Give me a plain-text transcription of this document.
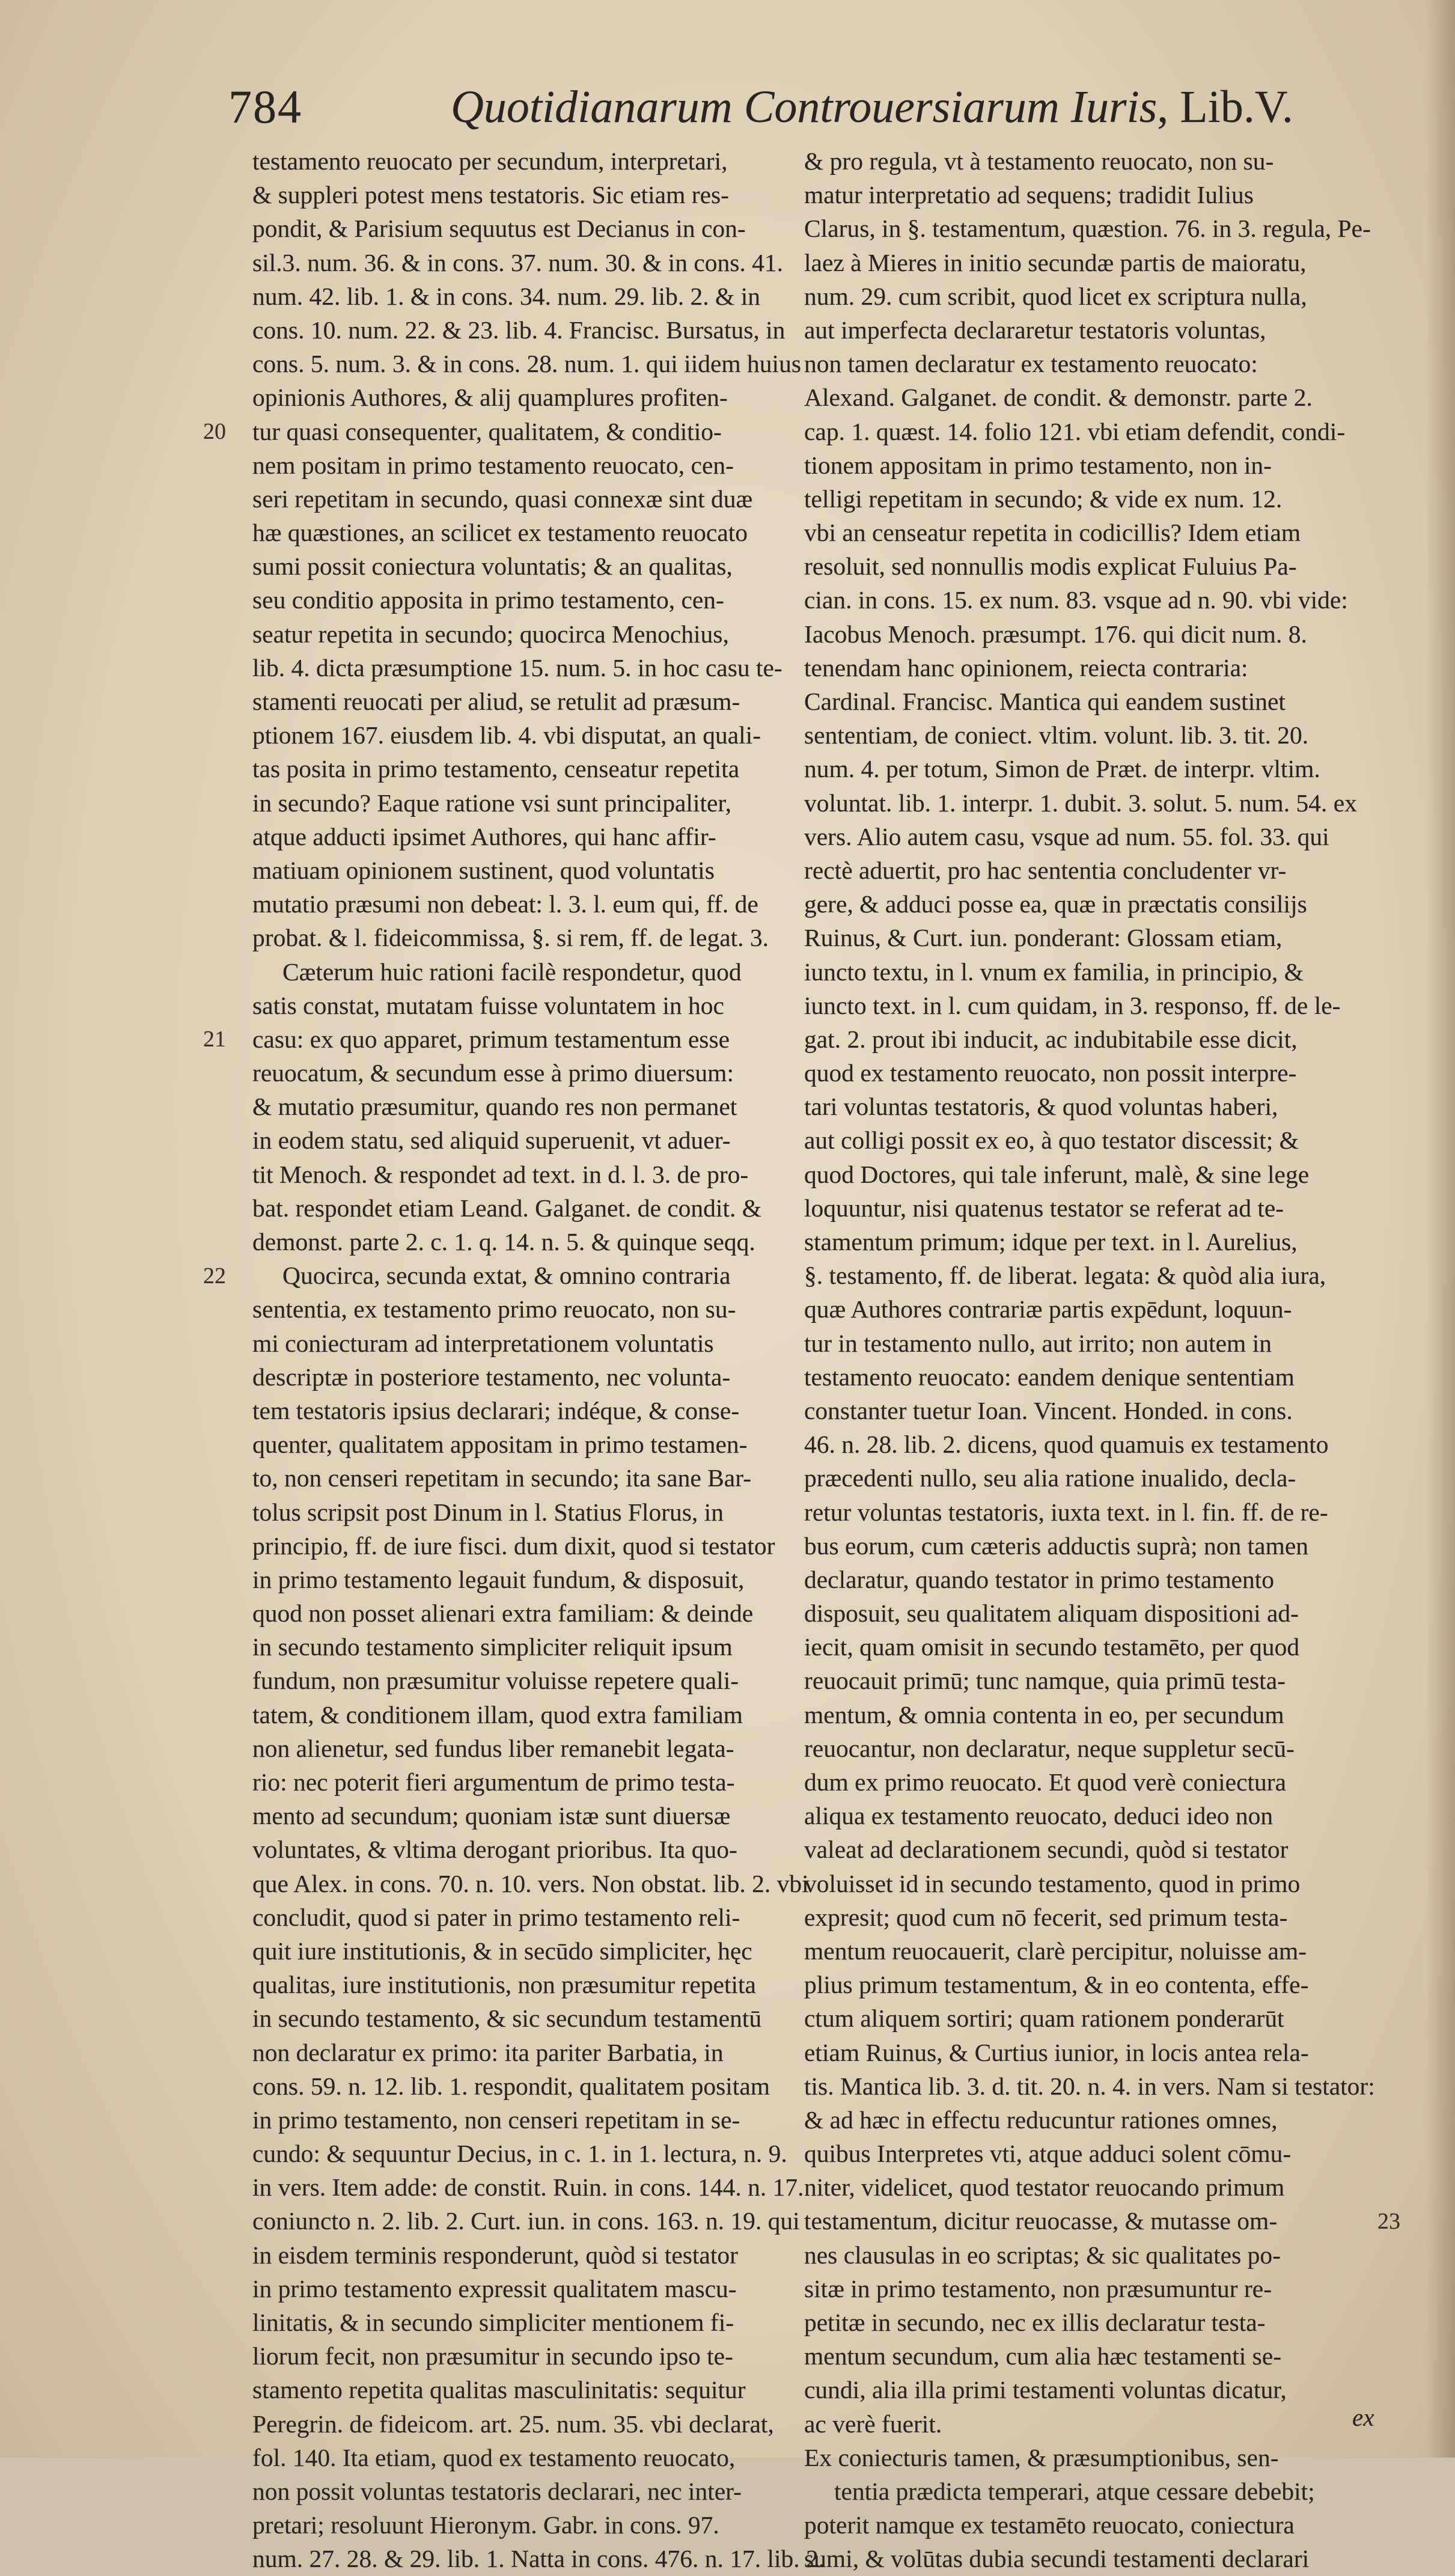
784	Quotidianarum Controuersiarum Iuris, Lib.V.
testamento reuocato per secundum, interpretari,
& suppleri potest mens testatoris. Sic etiam res-
pondit, & Parisium sequutus est Decianus in con-
sil.3. num. 36. & in cons. 37. num. 30. & in cons. 41.
num. 42. lib. 1. & in cons. 34. num. 29. lib. 2. & in
cons. 10. num. 22. & 23. lib. 4. Francisc. Bursatus, in
cons. 5. num. 3. & in cons. 28. num. 1. qui iidem huius
opinionis Authores, & alij quamplures profiten-
tur quasi consequenter, qualitatem, & conditio-
nem positam in primo testamento reuocato, cen-
seri repetitam in secundo, quasi connexæ sint duæ
hæ quæstiones, an scilicet ex testamento reuocato
sumi possit coniectura voluntatis; & an qualitas,
seu conditio apposita in primo testamento, cen-
seatur repetita in secundo; quocirca Menochius,
lib. 4. dicta præsumptione 15. num. 5. in hoc casu te-
stamenti reuocati per aliud, se retulit ad præsum-
ptionem 167. eiusdem lib. 4. vbi disputat, an quali-
tas posita in primo testamento, censeatur repetita
in secundo? Eaque ratione vsi sunt principaliter,
atque adducti ipsimet Authores, qui hanc affir-
matiuam opinionem sustinent, quod voluntatis
mutatio præsumi non debeat: l. 3. l. eum qui, ff. de
probat. & l. fideicommissa, §. si rem, ff. de legat. 3.
Cæterum huic rationi facilè respondetur, quod
satis constat, mutatam fuisse voluntatem in hoc
casu: ex quo apparet, primum testamentum esse
reuocatum, & secundum esse à primo diuersum:
& mutatio præsumitur, quando res non permanet
in eodem statu, sed aliquid superuenit, vt aduer-
tit Menoch. & respondet ad text. in d. l. 3. de pro-
bat. respondet etiam Leand. Galganet. de condit. &
demonst. parte 2. c. 1. q. 14. n. 5. & quinque seqq.
Quocirca, secunda extat, & omnino contraria
sententia, ex testamento primo reuocato, non su-
mi coniecturam ad interpretationem voluntatis
descriptæ in posteriore testamento, nec volunta-
tem testatoris ipsius declarari; indéque, & conse-
quenter, qualitatem appositam in primo testamen-
to, non censeri repetitam in secundo; ita sane Bar-
tolus scripsit post Dinum in l. Statius Florus, in
principio, ff. de iure fisci. dum dixit, quod si testator
in primo testamento legauit fundum, & disposuit,
quod non posset alienari extra familiam: & deinde
in secundo testamento simpliciter reliquit ipsum
fundum, non præsumitur voluisse repetere quali-
tatem, & conditionem illam, quod extra familiam
non alienetur, sed fundus liber remanebit legata-
rio: nec poterit fieri argumentum de primo testa-
mento ad secundum; quoniam istæ sunt diuersæ
voluntates, & vltima derogant prioribus. Ita quo-
que Alex. in cons. 70. n. 10. vers. Non obstat. lib. 2. vbi
concludit, quod si pater in primo testamento reli-
quit iure institutionis, & in secūdo simpliciter, hęc
qualitas, iure institutionis, non præsumitur repetita
in secundo testamento, & sic secundum testamentū
non declaratur ex primo: ita pariter Barbatia, in
cons. 59. n. 12. lib. 1. respondit, qualitatem positam
in primo testamento, non censeri repetitam in se-
cundo: & sequuntur Decius, in c. 1. in 1. lectura, n. 9.
in vers. Item adde: de constit. Ruin. in cons. 144. n. 17.
coniuncto n. 2. lib. 2. Curt. iun. in cons. 163. n. 19. qui
in eisdem terminis responderunt, quòd si testator
in primo testamento expressit qualitatem mascu-
linitatis, & in secundo simpliciter mentionem fi-
liorum fecit, non præsumitur in secundo ipso te-
stamento repetita qualitas masculinitatis: sequitur
Peregrin. de fideicom. art. 25. num. 35. vbi declarat,
fol. 140. Ita etiam, quod ex testamento reuocato,
non possit voluntas testatoris declarari, nec inter-
pretari; resoluunt Hieronym. Gabr. in cons. 97.
num. 27. 28. & 29. lib. 1. Natta in cons. 476. n. 17. lib. 2.
& pro regula, vt à testamento reuocato, non su-
matur interpretatio ad sequens; tradidit Iulius
Clarus, in §. testamentum, quæstion. 76. in 3. regula, Pe-
laez à Mieres in initio secundæ partis de maioratu,
num. 29. cum scribit, quod licet ex scriptura nulla,
aut imperfecta declararetur testatoris voluntas,
non tamen declaratur ex testamento reuocato:
Alexand. Galganet. de condit. & demonstr. parte 2.
cap. 1. quæst. 14. folio 121. vbi etiam defendit, condi-
tionem appositam in primo testamento, non in-
telligi repetitam in secundo; & vide ex num. 12.
vbi an censeatur repetita in codicillis? Idem etiam
resoluit, sed nonnullis modis explicat Fuluius Pa-
cian. in cons. 15. ex num. 83. vsque ad n. 90. vbi vide:
Iacobus Menoch. præsumpt. 176. qui dicit num. 8.
tenendam hanc opinionem, reiecta contraria:
Cardinal. Francisc. Mantica qui eandem sustinet
sententiam, de coniect. vltim. volunt. lib. 3. tit. 20.
num. 4. per totum, Simon de Præt. de interpr. vltim.
voluntat. lib. 1. interpr. 1. dubit. 3. solut. 5. num. 54. ex
vers. Alio autem casu, vsque ad num. 55. fol. 33. qui
rectè aduertit, pro hac sententia concludenter vr-
gere, & adduci posse ea, quæ in præctatis consilijs
Ruinus, & Curt. iun. ponderant: Glossam etiam,
iuncto textu, in l. vnum ex familia, in principio, &
iuncto text. in l. cum quidam, in 3. responso, ff. de le-
gat. 2. prout ibi inducit, ac indubitabile esse dicit,
quod ex testamento reuocato, non possit interpre-
tari voluntas testatoris, & quod voluntas haberi,
aut colligi possit ex eo, à quo testator discessit; &
quod Doctores, qui tale inferunt, malè, & sine lege
loquuntur, nisi quatenus testator se referat ad te-
stamentum primum; idque per text. in l. Aurelius,
§. testamento, ff. de liberat. legata: & quòd alia iura,
quæ Authores contrariæ partis expēdunt, loquun-
tur in testamento nullo, aut irrito; non autem in
testamento reuocato: eandem denique sententiam
constanter tuetur Ioan. Vincent. Honded. in cons.
46. n. 28. lib. 2. dicens, quod quamuis ex testamento
præcedenti nullo, seu alia ratione inualido, decla-
retur voluntas testatoris, iuxta text. in l. fin. ff. de re-
bus eorum, cum cæteris adductis suprà; non tamen
declaratur, quando testator in primo testamento
disposuit, seu qualitatem aliquam dispositioni ad-
iecit, quam omisit in secundo testamēto, per quod
reuocauit primū; tunc namque, quia primū testa-
mentum, & omnia contenta in eo, per secundum
reuocantur, non declaratur, neque suppletur secū-
dum ex primo reuocato. Et quod verè coniectura
aliqua ex testamento reuocato, deduci ideo non
valeat ad declarationem secundi, quòd si testator
voluisset id in secundo testamento, quod in primo
expresit; quod cum nō fecerit, sed primum testa-
mentum reuocauerit, clarè percipitur, noluisse am-
plius primum testamentum, & in eo contenta, effe-
ctum aliquem sortiri; quam rationem ponderarūt
etiam Ruinus, & Curtius iunior, in locis antea rela-
tis. Mantica lib. 3. d. tit. 20. n. 4. in vers. Nam si testator:
& ad hæc in effectu reducuntur rationes omnes,
quibus Interpretes vti, atque adduci solent cōmu-
niter, videlicet, quod testator reuocando primum
testamentum, dicitur reuocasse, & mutasse om-
nes clausulas in eo scriptas; & sic qualitates po-
sitæ in primo testamento, non præsumuntur re-
petitæ in secundo, nec ex illis declaratur testa-
mentum secundum, cum alia hæc testamenti se-
cundi, alia illa primi testamenti voluntas dicatur,
ac verè fuerit.
Ex coniecturis tamen, & præsumptionibus, sen-
tentia prædicta temperari, atque cessare debebit;
poterit namque ex testamēto reuocato, coniectura
sumi, & volūtas dubia secundi testamenti declarari
20
21
22
23
ex
